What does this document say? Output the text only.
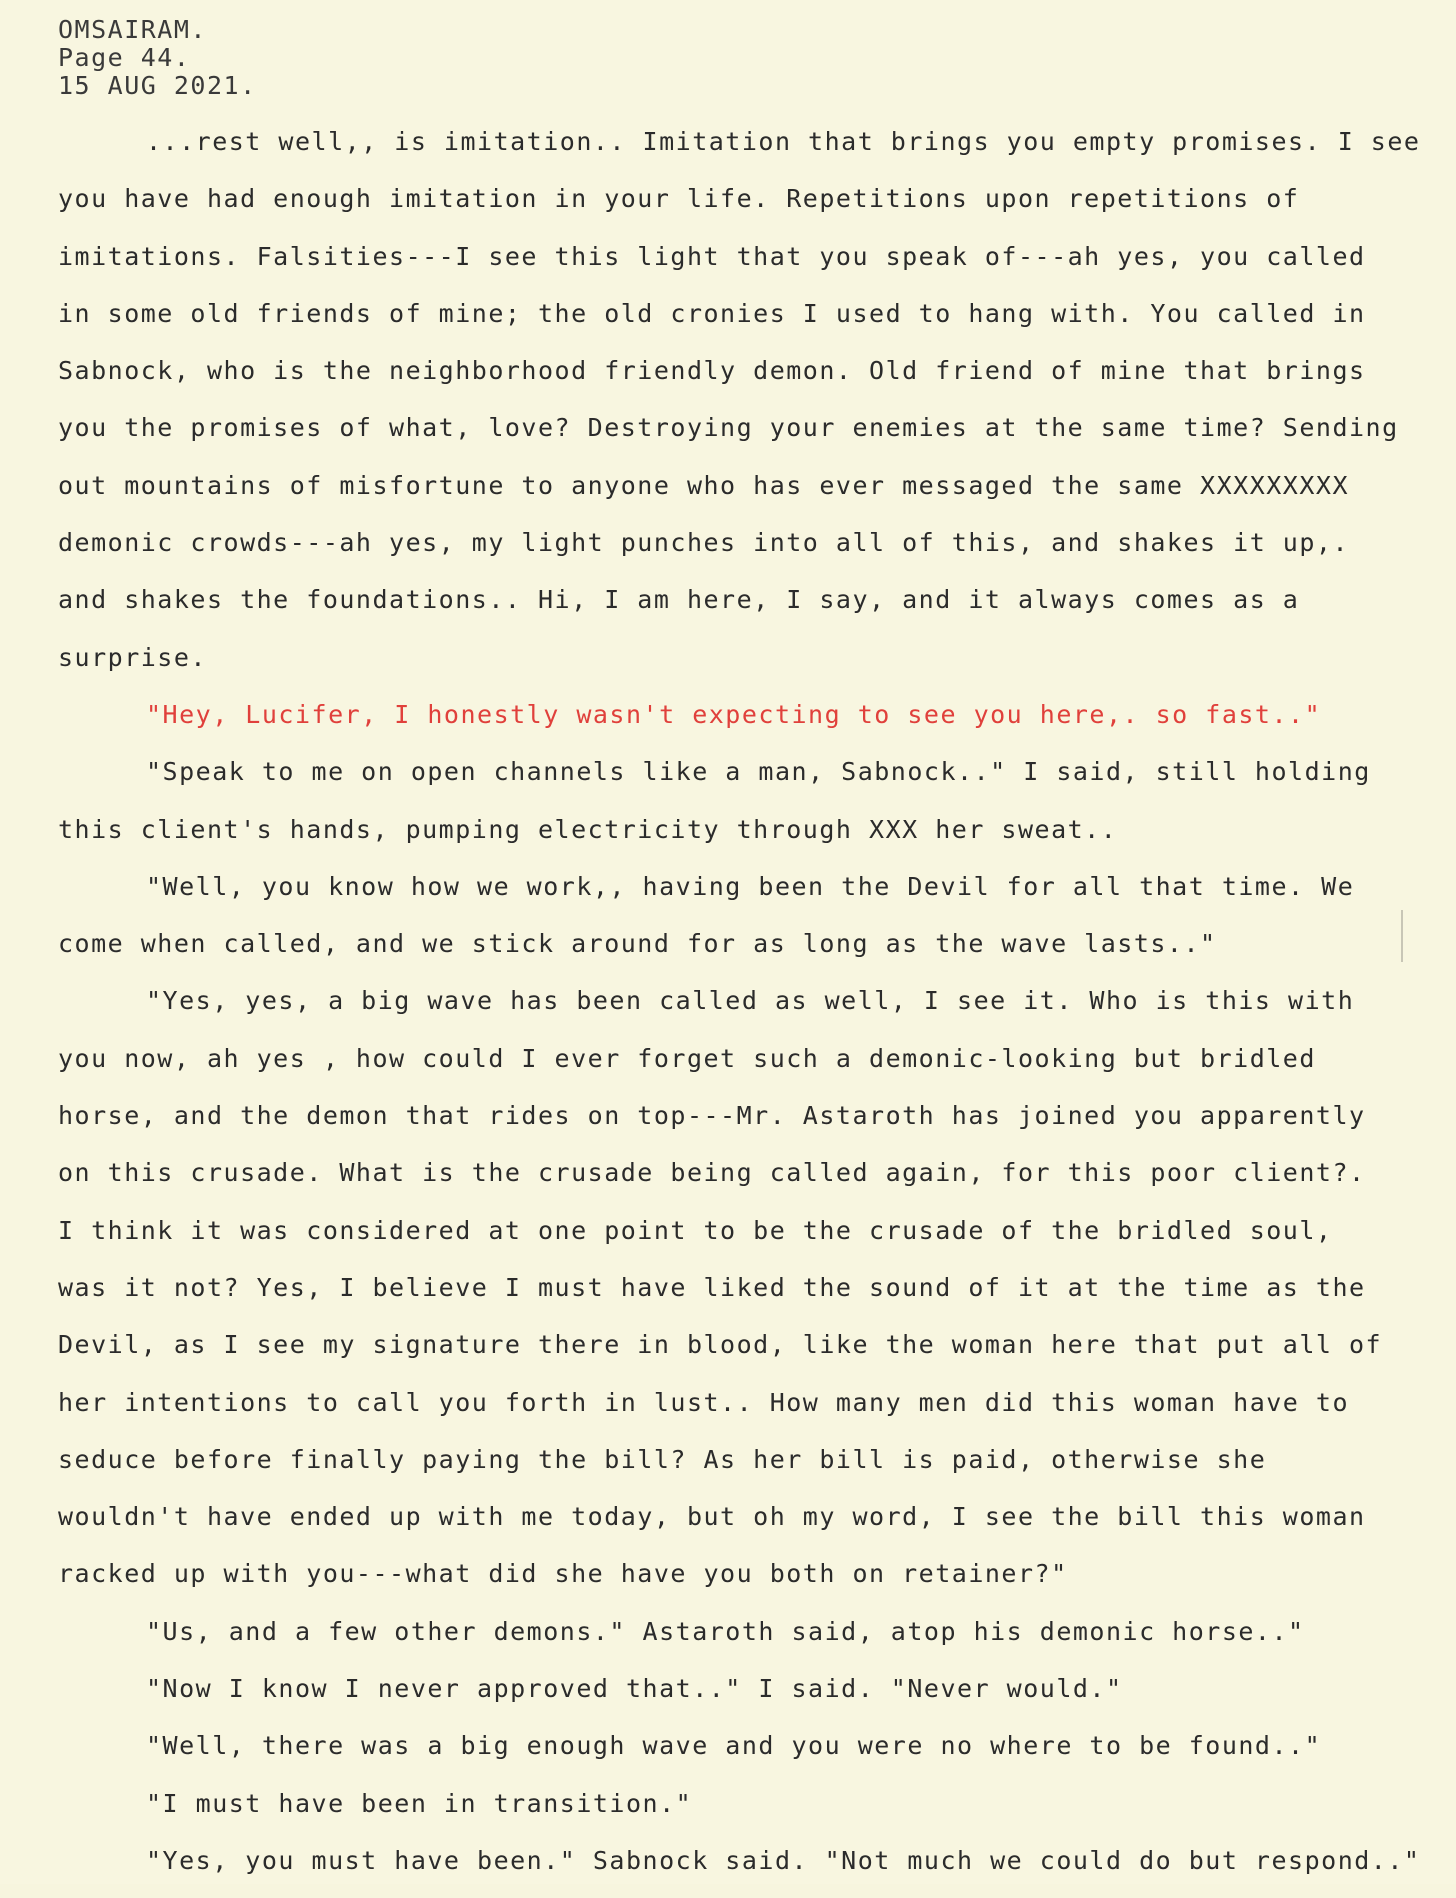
OMSAIRAM.
Page 44.
15 AUG 2021.
...rest well,, is imitation.. Imitation that brings you empty promises. I see
you have had enough imitation in your life. Repetitions upon repetitions of
imitations. Falsities---I see this light that you speak of---ah yes, you called
in some old friends of mine; the old cronies I used to hang with. You called in
Sabnock, who is the neighborhood friendly demon. Old friend of mine that brings
you the promises of what, love? Destroying your enemies at the same time? Sending
out mountains of misfortune to anyone who has ever messaged the same XXXXXXXXX
demonic crowds---ah yes, my light punches into all of this, and shakes it up,.
and shakes the foundations.. Hi, I am here, I say, and it always comes as a
surprise.
"Hey, Lucifer, I honestly wasn't expecting to see you here,. so fast.."
"Speak to me on open channels like a man, Sabnock.." I said, still holding
this client's hands, pumping electricity through XXX her sweat..
"Well, you know how we work,, having been the Devil for all that time. We
come when called, and we stick around for as long as the wave lasts.."
"Yes, yes, a big wave has been called as well, I see it. Who is this with
you now, ah yes , how could I ever forget such a demonic-looking but bridled
horse, and the demon that rides on top---Mr. Astaroth has joined you apparently
on this crusade. What is the crusade being called again, for this poor client?.
I think it was considered at one point to be the crusade of the bridled soul,
was it not? Yes, I believe I must have liked the sound of it at the time as the
Devil, as I see my signature there in blood, like the woman here that put all of
her intentions to call you forth in lust.. How many men did this woman have to
seduce before finally paying the bill? As her bill is paid, otherwise she
wouldn't have ended up with me today, but oh my word, I see the bill this woman
racked up with you---what did she have you both on retainer?"
"Us, and a few other demons." Astaroth said, atop his demonic horse.."
"Now I know I never approved that.." I said. "Never would."
"Well, there was a big enough wave and you were no where to be found.."
"I must have been in transition."
"Yes, you must have been." Sabnock said. "Not much we could do but respond.."
